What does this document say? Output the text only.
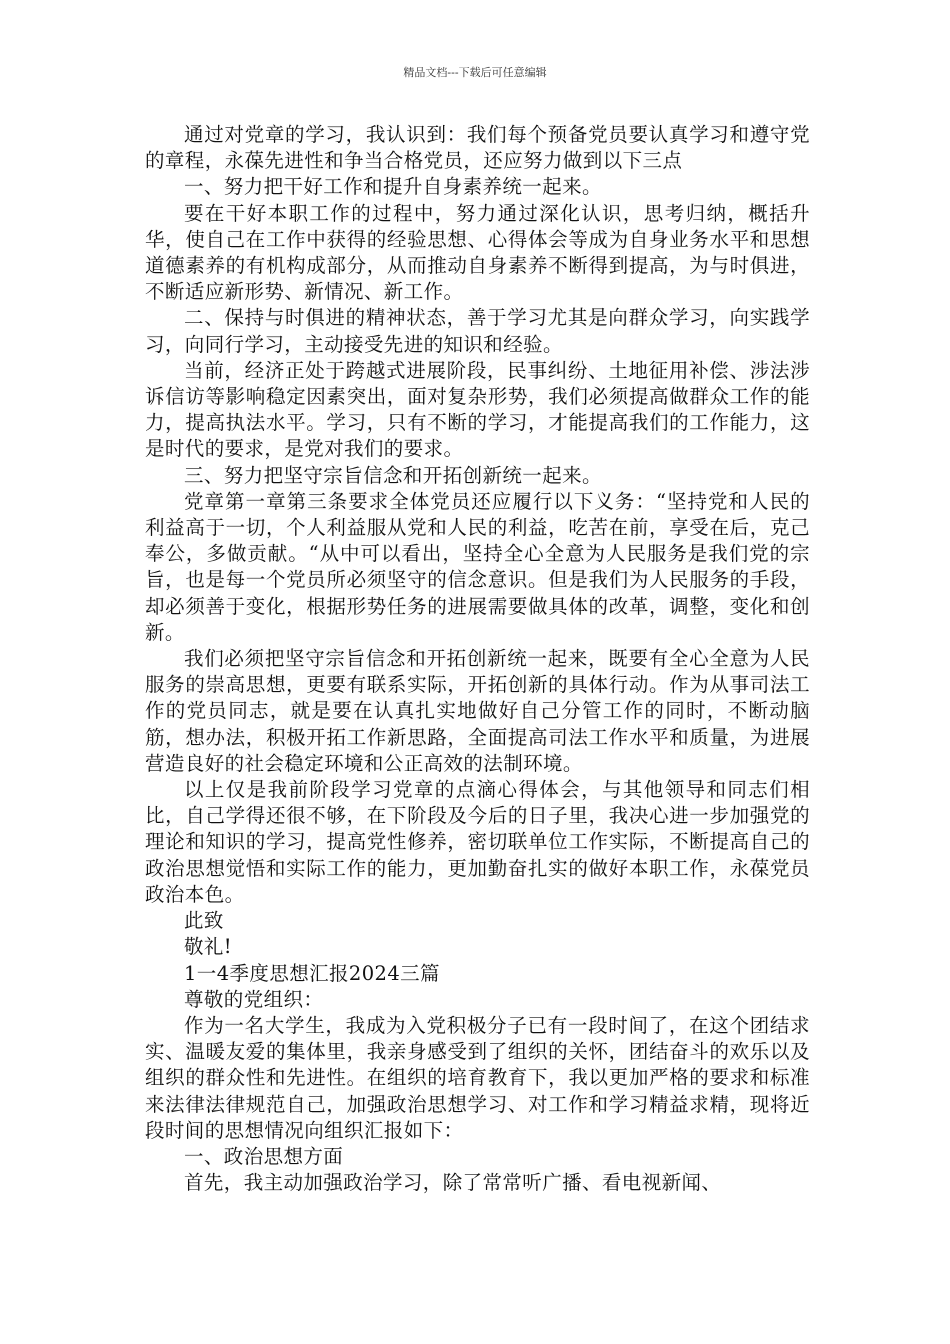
精品文档---下载后可任意编辑

通过对党章的学习，我认识到：我们每个预备党员要认真学习和遵守党的章程，永葆先进性和争当合格党员，还应努力做到以下三点

一、努力把干好工作和提升自身素养统一起来。

要在干好本职工作的过程中，努力通过深化认识，思考归纳，概括升华，使自己在工作中获得的经验思想、心得体会等成为自身业务水平和思想道德素养的有机构成部分，从而推动自身素养不断得到提高，为与时俱进，不断适应新形势、新情况、新工作。

二、保持与时俱进的精神状态，善于学习尤其是向群众学习，向实践学习，向同行学习，主动接受先进的知识和经验。

当前，经济正处于跨越式进展阶段，民事纠纷、土地征用补偿、涉法涉诉信访等影响稳定因素突出，面对复杂形势，我们必须提高做群众工作的能力，提高执法水平。学习，只有不断的学习，才能提高我们的工作能力，这是时代的要求，是党对我们的要求。

三、努力把坚守宗旨信念和开拓创新统一起来。

党章第一章第三条要求全体党员还应履行以下义务：“坚持党和人民的利益高于一切，个人利益服从党和人民的利益，吃苦在前，享受在后，克己奉公，多做贡献。“从中可以看出，坚持全心全意为人民服务是我们党的宗旨，也是每一个党员所必须坚守的信念意识。但是我们为人民服务的手段，却必须善于变化，根据形势任务的进展需要做具体的改革，调整，变化和创新。

我们必须把坚守宗旨信念和开拓创新统一起来，既要有全心全意为人民服务的崇高思想，更要有联系实际，开拓创新的具体行动。作为从事司法工作的党员同志，就是要在认真扎实地做好自己分管工作的同时，不断动脑筋，想办法，积极开拓工作新思路，全面提高司法工作水平和质量，为进展营造良好的社会稳定环境和公正高效的法制环境。

以上仅是我前阶段学习党章的点滴心得体会，与其他领导和同志们相比，自己学得还很不够，在下阶段及今后的日子里，我决心进一步加强党的理论和知识的学习，提高党性修养，密切联单位工作实际，不断提高自己的政治思想觉悟和实际工作的能力，更加勤奋扎实的做好本职工作，永葆党员政治本色。

此致

敬礼!

1一4季度思想汇报2024三篇

尊敬的党组织：

作为一名大学生，我成为入党积极分子已有一段时间了，在这个团结求实、温暖友爱的集体里，我亲身感受到了组织的关怀，团结奋斗的欢乐以及组织的群众性和先进性。在组织的培育教育下，我以更加严格的要求和标准来法律法律规范自己，加强政治思想学习、对工作和学习精益求精，现将近段时间的思想情况向组织汇报如下：

一、政治思想方面

首先，我主动加强政治学习，除了常常听广播、看电视新闻、
